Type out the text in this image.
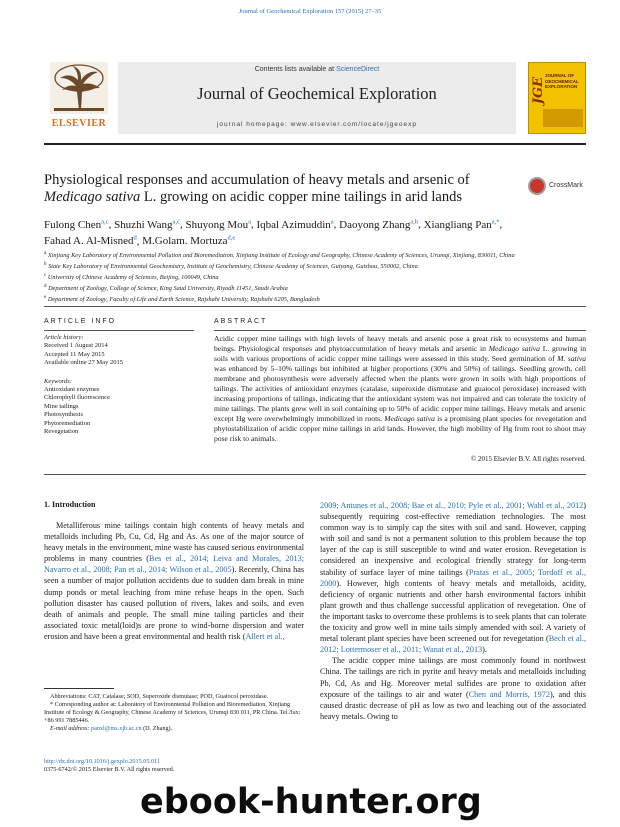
Journal of Geochemical Exploration 157 (2015) 27–35
ELSEVIER
Contents lists available at ScienceDirect
Journal of Geochemical Exploration
journal homepage: www.elsevier.com/locate/jgeoexp
JGE
JOURNAL OF
GEOCHEMICAL
EXPLORATION
Physiological responses and accumulation of heavy metals and arsenic of
Medicago sativa L. growing on acidic copper mine tailings in arid lands
CrossMark
Fulong Chen$^{a,c}$, Shuzhi Wang$^{a,c}$, Shuyong Mou$^a$, Iqbal Azimuddin$^a$, Daoyong Zhang$^{a,b}$, Xiangliang Pan$^{a,*}$,
Fahad A. Al-Misned$^d$, M.Golam. Mortuza$^{d,e}$
$^a$ Xinjiang Key Laboratory of Environmental Pollution and Bioremediation, Xinjiang Institute of Ecology and Geography, Chinese Academy of Sciences, Urumqi, Xinjiang, 830011, China
$^b$ State Key Laboratory of Environmental Geochemistry, Institute of Geochemistry, Chinese Academy of Sciences, Guiyang, Guizhou, 550002, China
$^c$ University of Chinese Academy of Sciences, Beijing, 100049, China
$^d$ Department of Zoology, College of Science, King Saud University, Riyadh 11451, Saudi Arabia
$^e$ Department of Zoology, Faculty of Life and Earth Science, Rajshahi University, Rajshahi 6205, Bangladesh
ARTICLE INFO	ABSTRACT
Article history:
Received 1 August 2014
Accepted 11 May 2015
Available online 27 May 2015
Keywords:
Antioxidant enzymes
Chlorophyll fluorescence
Mine tailings
Photosynthesis
Phytoremediation
Revegetation
Acidic copper mine tailings with high levels of heavy metals and arsenic pose a great risk to ecosystems and human beings. Physiological responses and phytoaccumulation of heavy metals and arsenic in Medicago sativa L. growing in soils with various proportions of acidic copper mine tailings were assessed in this study. Seed germination of M. sativa was enhanced by 5–10% tailings but inhibited at higher proportions (30% and 50%) of tailings. Seedling growth, cell membrane and photosynthesis were adversely affected when the plants were grown in soils with high proportions of tailings. The activities of antioxidant enzymes (catalase, superoxide dismutase and guaiocol peroxidase) increased with increasing proportions of tailings, indicating that the antioxidant system was not impaired and can tolerate the toxicity of mine tailings. The plants grew well in soil containing up to 50% of acidic copper mine tailings. Heavy metals and arsenic except Hg were overwhelmingly immobilized in roots. Medicago sativa is a promising plant species for revegetation and phytostabilization of acidic copper mine tailings in arid lands. However, the high mobility of Hg from root to shoot may pose risk to animals.
© 2015 Elsevier B.V. All rights reserved.
1. Introduction

Metalliferous mine tailings contain high contents of heavy metals and metalloids including Pb, Cu, Cd, Hg and As. As one of the major source of heavy metals in the environment, mine waste has caused serious environmental problems in many countries (Bes et al., 2014; Leiva and Morales, 2013; Navarro et al., 2008; Pan et al., 2014; Wilson et al., 2005). Recently, China has seen a number of major pollution accidents due to sudden dam break in mine dump ponds or metal leaching from mine refuse heaps in the open. Such pollution disaster has caused pollution of rivers, lakes and soils, and even death of animals and people. The small mine tailing particles and their associated toxic metal(loid)s are prone to wind-borne dispersion and water erosion and have been a great environmental and health risk (Allert et al.,

2009; Antunes et al., 2008; Bae et al., 2010; Pyle et al., 2001; Wahl et al., 2012) subsequently requiring cost-effective remediation technologies. The most common way is to simply cap the sites with soil and sand. However, capping with soil and sand is not a permanent solution to this problem because the top layer of the cap is still susceptible to wind and water erosion. Revegetation is considered an inexpensive and ecological friendly strategy for long-term stability of surface layer of mine tailings (Pratas et al., 2005; Tordoff et al., 2000). However, high contents of heavy metals and metalloids, acidity, deficiency of organic nutrients and other harsh environmental factors inhibit plant growth and thus challenge successful application of revegetation. One of the important tasks to overcome these problems is to seek plants that can tolerate the toxicity and grow well in mine tails simply amended with soil. A variety of metal tolerant plant species have been screened out for revegetation (Bech et al., 2012; Lottermoser et al., 2011; Wanat et al., 2013).

The acidic copper mine tailings are most commonly found in northwest China. The tailings are rich in pyrite and heavy metals and metalloids including Pb, Cd, As and Hg. Moreover metal sulfides are prone to oxidation after exposure of the tailings to air and water (Chen and Morris, 1972), and this caused drastic decrease of pH as low as two and leaching out of the associated heavy metals. Owing to

Abbreviations: CAT, Catalase; SOD, Superoxide dismutase; POD, Guaiocol peroxidase.

* Corresponding author at: Laboratory of Environmental Pollution and Bioremediation, Xinjiang Institute of Ecology & Geography, Chinese Academy of Sciences, Urumqi 830 011, PR China. Tel./fax: +86 991 7885446.

E-mail address: panxl@ms.xjb.ac.cn (D. Zhang).

http://dx.doi.org/10.1016/j.gexplo.2015.05.011
0375-6742/© 2015 Elsevier B.V. All rights reserved.
ebook-hunter.org
